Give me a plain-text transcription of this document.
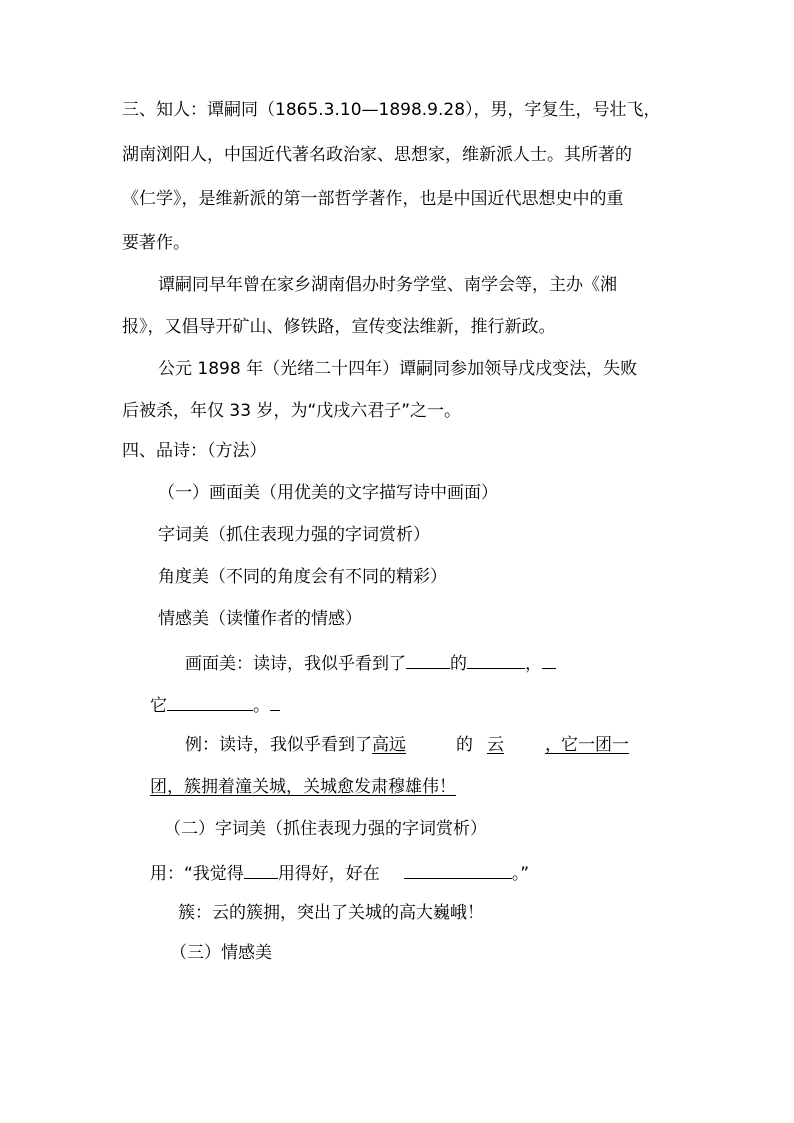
三、知人：谭嗣同（1865.3.10—1898.9.28），男，字复生，号壮飞，
湖南浏阳人，中国近代著名政治家、思想家，维新派人士。其所著的
《仁学》，是维新派的第一部哲学著作，也是中国近代思想史中的重
要著作。
谭嗣同早年曾在家乡湖南倡办时务学堂、南学会等，主办《湘
报》，又倡导开矿山、修铁路，宣传变法维新，推行新政。
公元 1898 年（光绪二十四年）谭嗣同参加领导戊戌变法，失败
后被杀，年仅 33 岁，为“戊戌六君子”之一。
四、品诗：（方法）
（一）画面美（用优美的文字描写诗中画面）
字词美（抓住表现力强的字词赏析）
角度美（不同的角度会有不同的精彩）
情感美（读懂作者的情感）
画面美：读诗，我似乎看到了	的	，
它	。
例：读诗，我似乎看到了高远	的 云 ，它一团一
团，簇拥着潼关城，关城愈发肃穆雄伟！
（二）字词美（抓住表现力强的字词赏析）
用：“我觉得 用得好，好在	。”
簇：云的簇拥，突出了关城的高大巍峨！
（三）情感美
